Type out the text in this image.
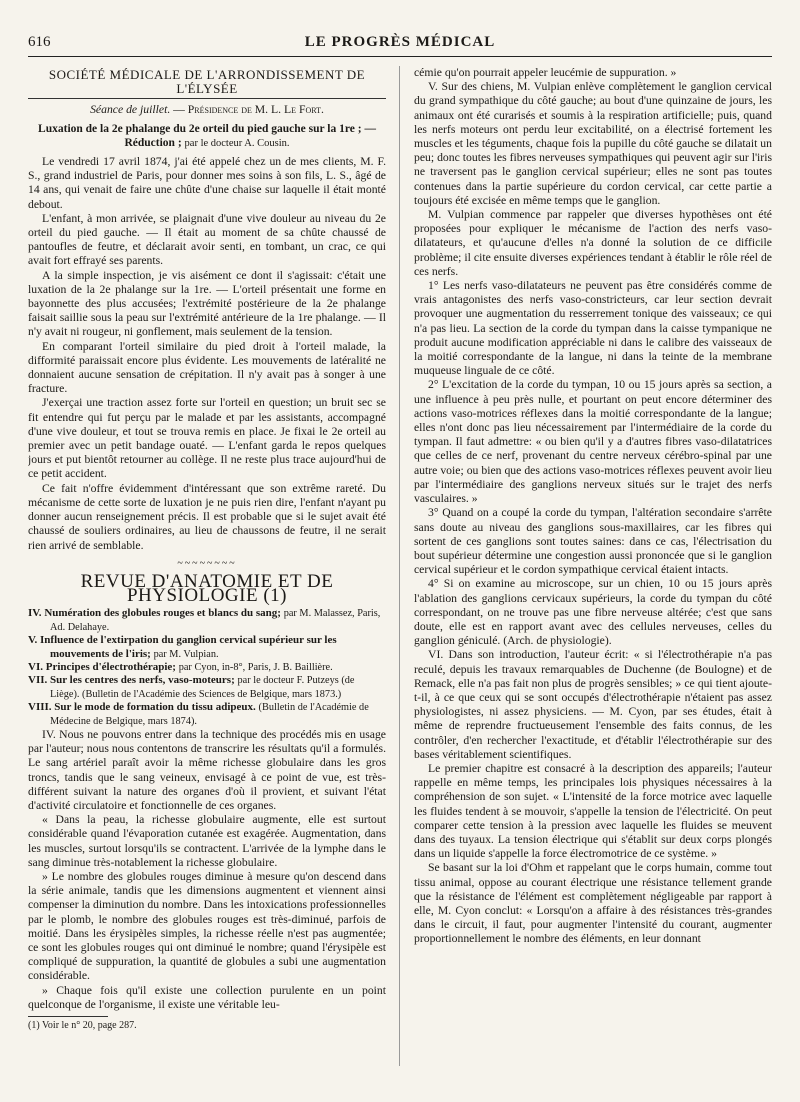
616	LE PROGRÈS MÉDICAL
SOCIÉTÉ MÉDICALE DE L'ARRONDISSEMENT DE L'ÉLYSÉE

Séance de juillet. — Présidence de M. L. Le Fort.

Luxation de la 2e phalange du 2e orteil du pied gauche sur la 1re ; — Réduction ; par le docteur A. Cousin.

Le vendredi 17 avril 1874, j'ai été appelé chez un de mes clients, M. F. S., grand industriel de Paris, pour donner mes soins à son fils, L. S., âgé de 14 ans, qui venait de faire une chûte d'une chaise sur laquelle il était monté debout.

L'enfant, à mon arrivée, se plaignait d'une vive douleur au niveau du 2e orteil du pied gauche. — Il était au moment de sa chûte chaussé de pantoufles de feutre, et déclarait avoir senti, en tombant, un crac, ce qui avait fort effrayé ses parents.

A la simple inspection, je vis aisément ce dont il s'agissait: c'était une luxation de la 2e phalange sur la 1re. — L'orteil présentait une forme en bayonnette des plus accusées; l'extrémité postérieure de la 2e phalange faisait saillie sous la peau sur l'extrémité antérieure de la 1re phalange. — Il n'y avait ni rougeur, ni gonflement, mais seulement de la tension.

En comparant l'orteil similaire du pied droit à l'orteil malade, la difformité paraissait encore plus évidente. Les mouvements de latéralité ne donnaient aucune sensation de crépitation. Il n'y avait pas à songer à une fracture.

J'exerçai une traction assez forte sur l'orteil en question; un bruit sec se fit entendre qui fut perçu par le malade et par les assistants, accompagné d'une vive douleur, et tout se trouva remis en place. Je fixai le 2e orteil au premier avec un petit bandage ouaté. — L'enfant garda le repos quelques jours et put bientôt retourner au collège. Il ne reste plus trace aujourd'hui de ce petit accident.

Ce fait n'offre évidemment d'intéressant que son extrême rareté. Du mécanisme de cette sorte de luxation je ne puis rien dire, l'enfant n'ayant pu donner aucun renseignement précis. Il est probable que si le sujet avait été chaussé de souliers ordinaires, au lieu de chaussons de feutre, il ne serait rien arrivé de semblable.

~~~~~~~~

REVUE D'ANATOMIE ET DE PHYSIOLOGIE (1)

IV. Numération des globules rouges et blancs du sang; par M. Malassez, Paris, Ad. Delahaye.

V. Influence de l'extirpation du ganglion cervical supérieur sur les mouvements de l'iris; par M. Vulpian.

VI. Principes d'électrothérapie; par Cyon, in-8°, Paris, J. B. Baillière.

VII. Sur les centres des nerfs, vaso-moteurs; par le docteur F. Putzeys (de Liège). (Bulletin de l'Académie des Sciences de Belgique, mars 1873.)

VIII. Sur le mode de formation du tissu adipeux. (Bulletin de l'Académie de Médecine de Belgique, mars 1874).

IV. Nous ne pouvons entrer dans la technique des procédés mis en usage par l'auteur; nous nous contentons de transcrire les résultats qu'il a formulés. Le sang artériel paraît avoir la même richesse globulaire dans les gros troncs, tandis que le sang veineux, envisagé à ce point de vue, est très-différent suivant la nature des organes d'où il provient, et suivant l'état d'activité circulatoire et fonctionnelle de ces organes.

« Dans la peau, la richesse globulaire augmente, elle est surtout considérable quand l'évaporation cutanée est exagérée. Augmentation, dans les muscles, surtout lorsqu'ils se contractent. L'arrivée de la lymphe dans le sang diminue très-notablement la richesse globulaire.

» Le nombre des globules rouges diminue à mesure qu'on descend dans la série animale, tandis que les dimensions augmentent et viennent ainsi compenser la diminution du nombre. Dans les intoxications professionnelles par le plomb, le nombre des globules rouges est très-diminué, parfois de moitié. Dans les érysipèles simples, la richesse réelle n'est pas augmentée; ce sont les globules rouges qui ont diminué le nombre; quand l'érysipèle est compliqué de suppuration, la quantité de globules a subi une augmentation considérable.

» Chaque fois qu'il existe une collection purulente en un point quelconque de l'organisme, il existe une véritable leu-

(1) Voir le n° 20, page 287.

cémie qu'on pourrait appeler leucémie de suppuration. »

V. Sur des chiens, M. Vulpian enlève complètement le ganglion cervical du grand sympathique du côté gauche; au bout d'une quinzaine de jours, les animaux ont été curarisés et soumis à la respiration artificielle; puis, quand les nerfs moteurs ont perdu leur excitabilité, on a électrisé fortement les muscles et les téguments, chaque fois la pupille du côté gauche se dilatait un peu; donc toutes les fibres nerveuses sympathiques qui peuvent agir sur l'iris ne traversent pas le ganglion cervical supérieur; elles ne sont pas toutes contenues dans la partie supérieure du cordon cervical, car cette partie a toujours été excisée en même temps que le ganglion.

M. Vulpian commence par rappeler que diverses hypothèses ont été proposées pour expliquer le mécanisme de l'action des nerfs vaso-dilatateurs, et qu'aucune d'elles n'a donné la solution de ce difficile problème; il cite ensuite diverses expériences tendant à établir le rôle réel de ces nerfs.

1° Les nerfs vaso-dilatateurs ne peuvent pas être considérés comme de vrais antagonistes des nerfs vaso-constricteurs, car leur section devrait provoquer une augmentation du resserrement tonique des vaisseaux; ce qui n'a pas lieu. La section de la corde du tympan dans la caisse tympanique ne produit aucune modification appréciable ni dans le calibre des vaisseaux de la moitié correspondante de la langue, ni dans la teinte de la membrane muqueuse linguale de ce côté.

2° L'excitation de la corde du tympan, 10 ou 15 jours après sa section, a une influence à peu près nulle, et pourtant on peut encore déterminer des actions vaso-motrices réflexes dans la moitié correspondante de la langue; elles n'ont donc pas lieu nécessairement par l'intermédiaire de la corde du tympan. Il faut admettre: « ou bien qu'il y a d'autres fibres vaso-dilatatrices que celles de ce nerf, provenant du centre nerveux cérébro-spinal par une autre voie; ou bien que des actions vaso-motrices réflexes peuvent avoir lieu par l'intermédiaire des ganglions nerveux situés sur le trajet des nerfs vasculaires. »

3° Quand on a coupé la corde du tympan, l'altération secondaire s'arrête sans doute au niveau des ganglions sous-maxillaires, car les fibres qui sortent de ces ganglions sont toutes saines: dans ce cas, l'électrisation du bout supérieur détermine une congestion aussi prononcée que si le ganglion cervical supérieur et le cordon sympathique cervical étaient intacts.

4° Si on examine au microscope, sur un chien, 10 ou 15 jours après l'ablation des ganglions cervicaux supérieurs, la corde du tympan du côté correspondant, on ne trouve pas une fibre nerveuse altérée; c'est que sans doute, elle est en rapport avant avec des cellules nerveuses, celles du ganglion géniculé. (Arch. de physiologie).

VI. Dans son introduction, l'auteur écrit: « si l'électrothérapie n'a pas reculé, depuis les travaux remarquables de Duchenne (de Boulogne) et de Remack, elle n'a pas fait non plus de progrès sensibles; » ce qui tient ajoute-t-il, à ce que ceux qui se sont occupés d'électrothérapie n'étaient pas assez physiologistes, ni assez physiciens. — M. Cyon, par ses études, était à même de reprendre fructueusement l'ensemble des faits connus, de les contrôler, d'en rechercher l'exactitude, et d'établir l'électrothérapie sur des bases véritablement scientifiques.

Le premier chapitre est consacré à la description des appareils; l'auteur rappelle en même temps, les principales lois physiques nécessaires à la compréhension de son sujet. « L'intensité de la force motrice avec laquelle les fluides tendent à se mouvoir, s'appelle la tension de l'électricité. On peut comparer cette tension à la pression avec laquelle les fluides se meuvent dans des tuyaux. La tension électrique qui s'établit sur deux corps plongés dans un liquide s'appelle la force électromotrice de ce système. »

Se basant sur la loi d'Ohm et rappelant que le corps humain, comme tout tissu animal, oppose au courant électrique une résistance tellement grande que la résistance de l'élément est complètement négligeable par rapport à elle, M. Cyon conclut: « Lorsqu'on a affaire à des résistances très-grandes dans le circuit, il faut, pour augmenter l'intensité du courant, augmenter proportionnellement le nombre des éléments, en leur donnant
